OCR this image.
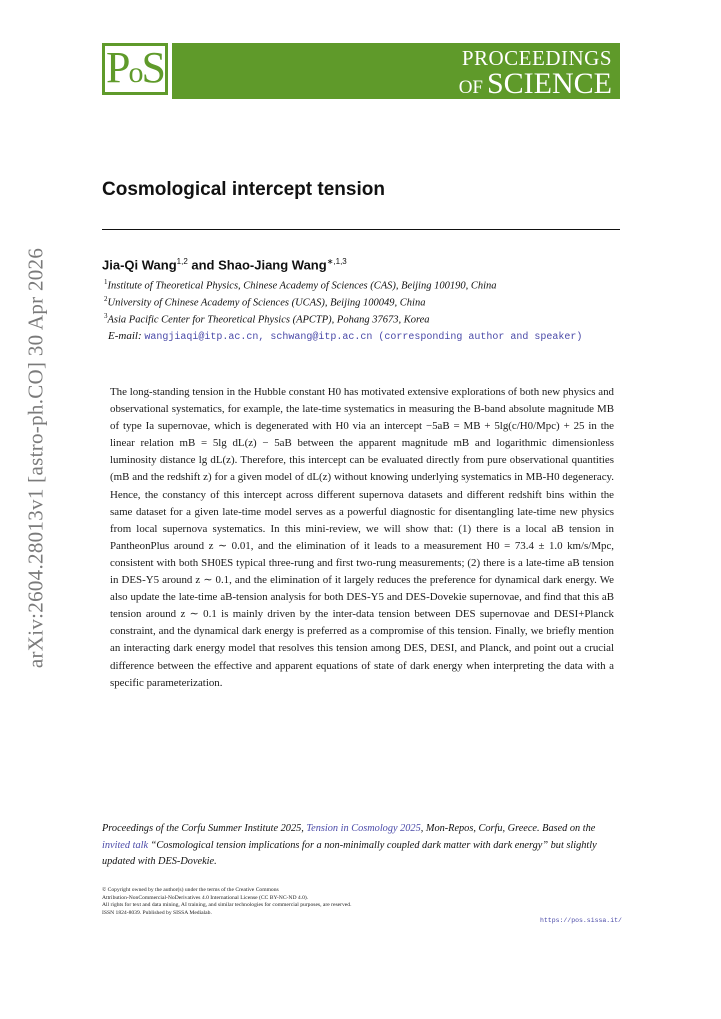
PoS	PROCEEDINGS
OF SCIENCE
arXiv:2604.28013v1 [astro-ph.CO] 30 Apr 2026
Cosmological intercept tension
Jia-Qi Wang$^{1,2}$ and Shao-Jiang Wang$^{∗,1,3}$
$^1$Institute of Theoretical Physics, Chinese Academy of Sciences (CAS), Beijing 100190, China
$^2$University of Chinese Academy of Sciences (UCAS), Beijing 100049, China
$^3$Asia Pacific Center for Theoretical Physics (APCTP), Pohang 37673, Korea
E-mail: wangjiaqi@itp.ac.cn, schwang@itp.ac.cn (corresponding author and speaker)

The long-standing tension in the Hubble constant H0 has motivated extensive explorations of both new physics and observational systematics, for example, the late-time systematics in measuring the B-band absolute magnitude MB of type Ia supernovae, which is degenerated with H0 via an intercept −5aB = MB + 5lg(c/H0/Mpc) + 25 in the linear relation mB = 5lg dL(z) − 5aB between the apparent magnitude mB and logarithmic dimensionless luminosity distance lg dL(z). Therefore, this intercept can be evaluated directly from pure observational quantities (mB and the redshift z) for a given model of dL(z) without knowing underlying systematics in MB-H0 degeneracy. Hence, the constancy of this intercept across different supernova datasets and different redshift bins within the same dataset for a given late-time model serves as a powerful diagnostic for disentangling late-time new physics from local supernova systematics. In this mini-review, we will show that: (1) there is a local aB tension in PantheonPlus around z ∼ 0.01, and the elimination of it leads to a measurement H0 = 73.4 ± 1.0 km/s/Mpc, consistent with both SH0ES typical three-rung and first two-rung measurements; (2) there is a late-time aB tension in DES-Y5 around z ∼ 0.1, and the elimination of it largely reduces the preference for dynamical dark energy. We also update the late-time aB-tension analysis for both DES-Y5 and DES-Dovekie supernovae, and find that this aB tension around z ∼ 0.1 is mainly driven by the inter-data tension between DES supernovae and DESI+Planck constraint, and the dynamical dark energy is preferred as a compromise of this tension. Finally, we briefly mention an interacting dark energy model that resolves this tension among DES, DESI, and Planck, and point out a crucial difference between the effective and apparent equations of state of dark energy when interpreting the data with a specific parameterization.

Proceedings of the Corfu Summer Institute 2025, Tension in Cosmology 2025, Mon-Repos, Corfu, Greece. Based on the invited talk “Cosmological tension implications for a non-minimally coupled dark matter with dark energy” but slightly updated with DES-Dovekie.

© Copyright owned by the author(s) under the terms of the Creative Commons
Attribution-NonCommercial-NoDerivatives 4.0 International License (CC BY-NC-ND 4.0).
All rights for text and data mining, AI training, and similar technologies for commercial purposes, are reserved.
ISSN 1824-8039. Published by SISSA Medialab.

https://pos.sissa.it/
